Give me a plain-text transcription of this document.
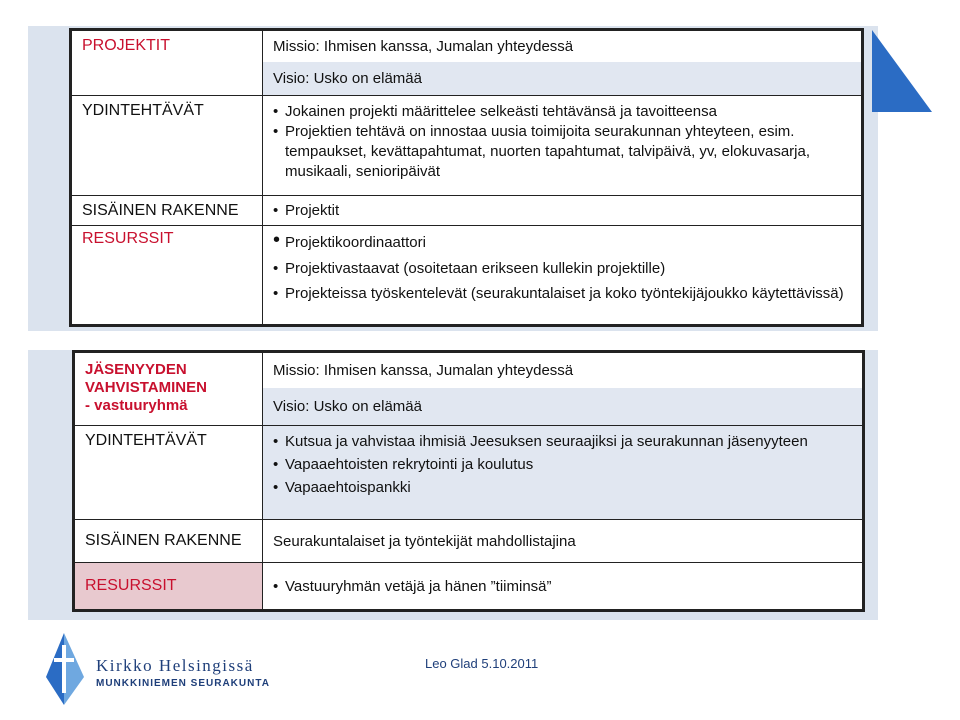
PROJEKTIT	Missio: Ihmisen kanssa, Jumalan yhteydessä
	Visio: Usko on elämää
YDINTEHTÄVÄT	• Jokainen projekti määrittelee selkeästi tehtävänsä ja tavoitteensa
• Projektien tehtävä on innostaa uusia toimijoita seurakunnan yhteyteen, esim. tempaukset, kevättapahtumat, nuorten tapahtumat, talvipäivä, yv, elokuvasarja, musikaali, senioripäivät

SISÄINEN RAKENNE	• Projektit

RESURSSIT	• Projektikoordinaattori
• Projektivastaavat (osoitetaan erikseen kullekin projektille)
• Projekteissa työskentelevät (seurakuntalaiset ja koko työntekijäjoukko käytettävissä)
JÄSENYYDEN
VAHVISTAMINEN
- vastuuryhmä	Missio: Ihmisen kanssa, Jumalan yhteydessä
	Visio: Usko on elämää
YDINTEHTÄVÄT	• Kutsua ja vahvistaa ihmisiä Jeesuksen seuraajiksi ja seurakunnan jäsenyyteen
• Vapaaehtoisten rekrytointi ja koulutus
• Vapaaehtoispankki

SISÄINEN RAKENNE	Seurakuntalaiset ja työntekijät mahdollistajina
RESURSSIT	• Vastuuryhmän vetäjä ja hänen ”tiiminsä”
Kirkko Helsingissä
MUNKKINIEMEN SEURAKUNTA
Leo Glad 5.10.2011
